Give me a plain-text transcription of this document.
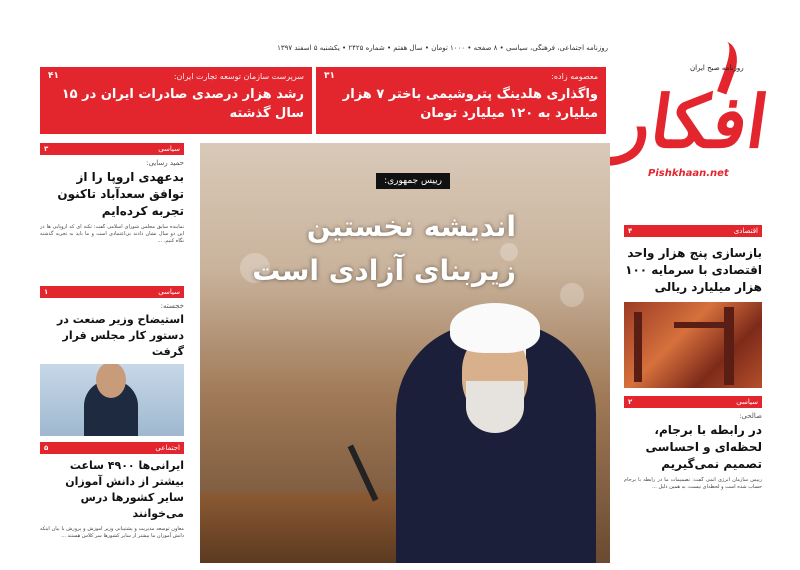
روزنامه اجتماعی، فرهنگی، سیاسی • ۸ صفحه • ۱۰۰۰ تومان • سال هفتم • شماره ۲۴۲۵ • یکشنبه ۵ اسفند ۱۳۹۷
افکار
روزنامه صبح ایران
Pishkhaan.net
معصومه زاده:
۳۱
واگذاری هلدینگ پتروشیمی باختر ۷ هزار میلیارد به ۱۲۰ میلیارد تومان
سرپرست سازمان توسعه تجارت ایران:
۴۱
رشد هزار درصدی صادرات ایران در ۱۵ سال گذشته
سیاسی
۳
حمید رسایی:
بدعهدی اروپا را از توافق سعدآباد تاکنون تجربه کرده‌ایم
نماینده سابق مجلس شورای اسلامی گفت: نکته ای که اروپایی ها در این دو سال نشان دادند بی‌اعتمادی است و ما باید به تجربه گذشته نگاه کنیم. ...
سیاسی
۱
خجسته:
استیضاح وزیر صنعت در دستور کار مجلس قرار گرفت
اجتماعی
۵
ایرانی‌ها ۴۹۰۰ ساعت بیشتر از دانش آموزان سایر کشورها درس می‌خوانند
معاون توسعه مدیریت و پشتیبانی وزیر آموزش و پرورش با بیان اینکه دانش آموزان ما بیشتر از سایر کشورها سر کلاس هستند ...
رییس جمهوری:
اندیشه نخستین زیربنای آزادی است
اقتصادی
۴
بازسازی پنج هزار واحد اقتصادی با سرمایه ۱۰۰ هزار میلیارد ریالی
سیاسی
۲
صالحی:
در رابطه با برجام، لحظه‌ای و احساسی تصمیم نمی‌گیریم
رییس سازمان انرژی اتمی گفت: تصمیمات ما در رابطه با برجام حساب شده است و لحظه‌ای نیست، به همین دلیل ...
